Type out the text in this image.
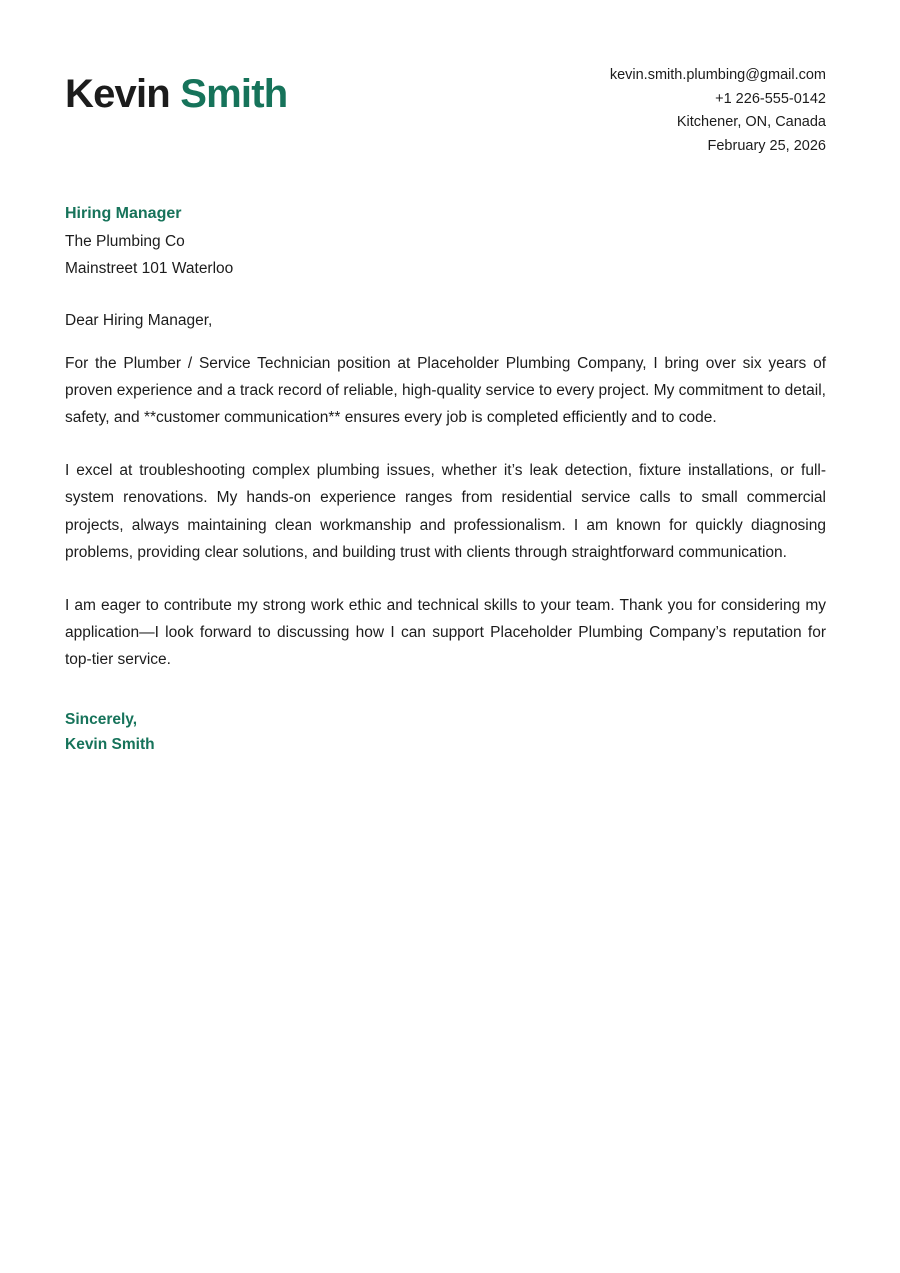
Kevin Smith	kevin.smith.plumbing@gmail.com
+1 226-555-0142
Kitchener, ON, Canada
February 25, 2026
Hiring Manager
The Plumbing Co
Mainstreet 101 Waterloo

Dear Hiring Manager,

For the Plumber / Service Technician position at Placeholder Plumbing Company, I bring over six years of proven experience and a track record of reliable, high-quality service to every project. My commitment to detail, safety, and **customer communication** ensures every job is completed efficiently and to code.

I excel at troubleshooting complex plumbing issues, whether it’s leak detection, fixture installations, or full-system renovations. My hands-on experience ranges from residential service calls to small commercial projects, always maintaining clean workmanship and professionalism. I am known for quickly diagnosing problems, providing clear solutions, and building trust with clients through straightforward communication.

I am eager to contribute my strong work ethic and technical skills to your team. Thank you for considering my application—I look forward to discussing how I can support Placeholder Plumbing Company’s reputation for top-tier service.

Sincerely,
Kevin Smith
